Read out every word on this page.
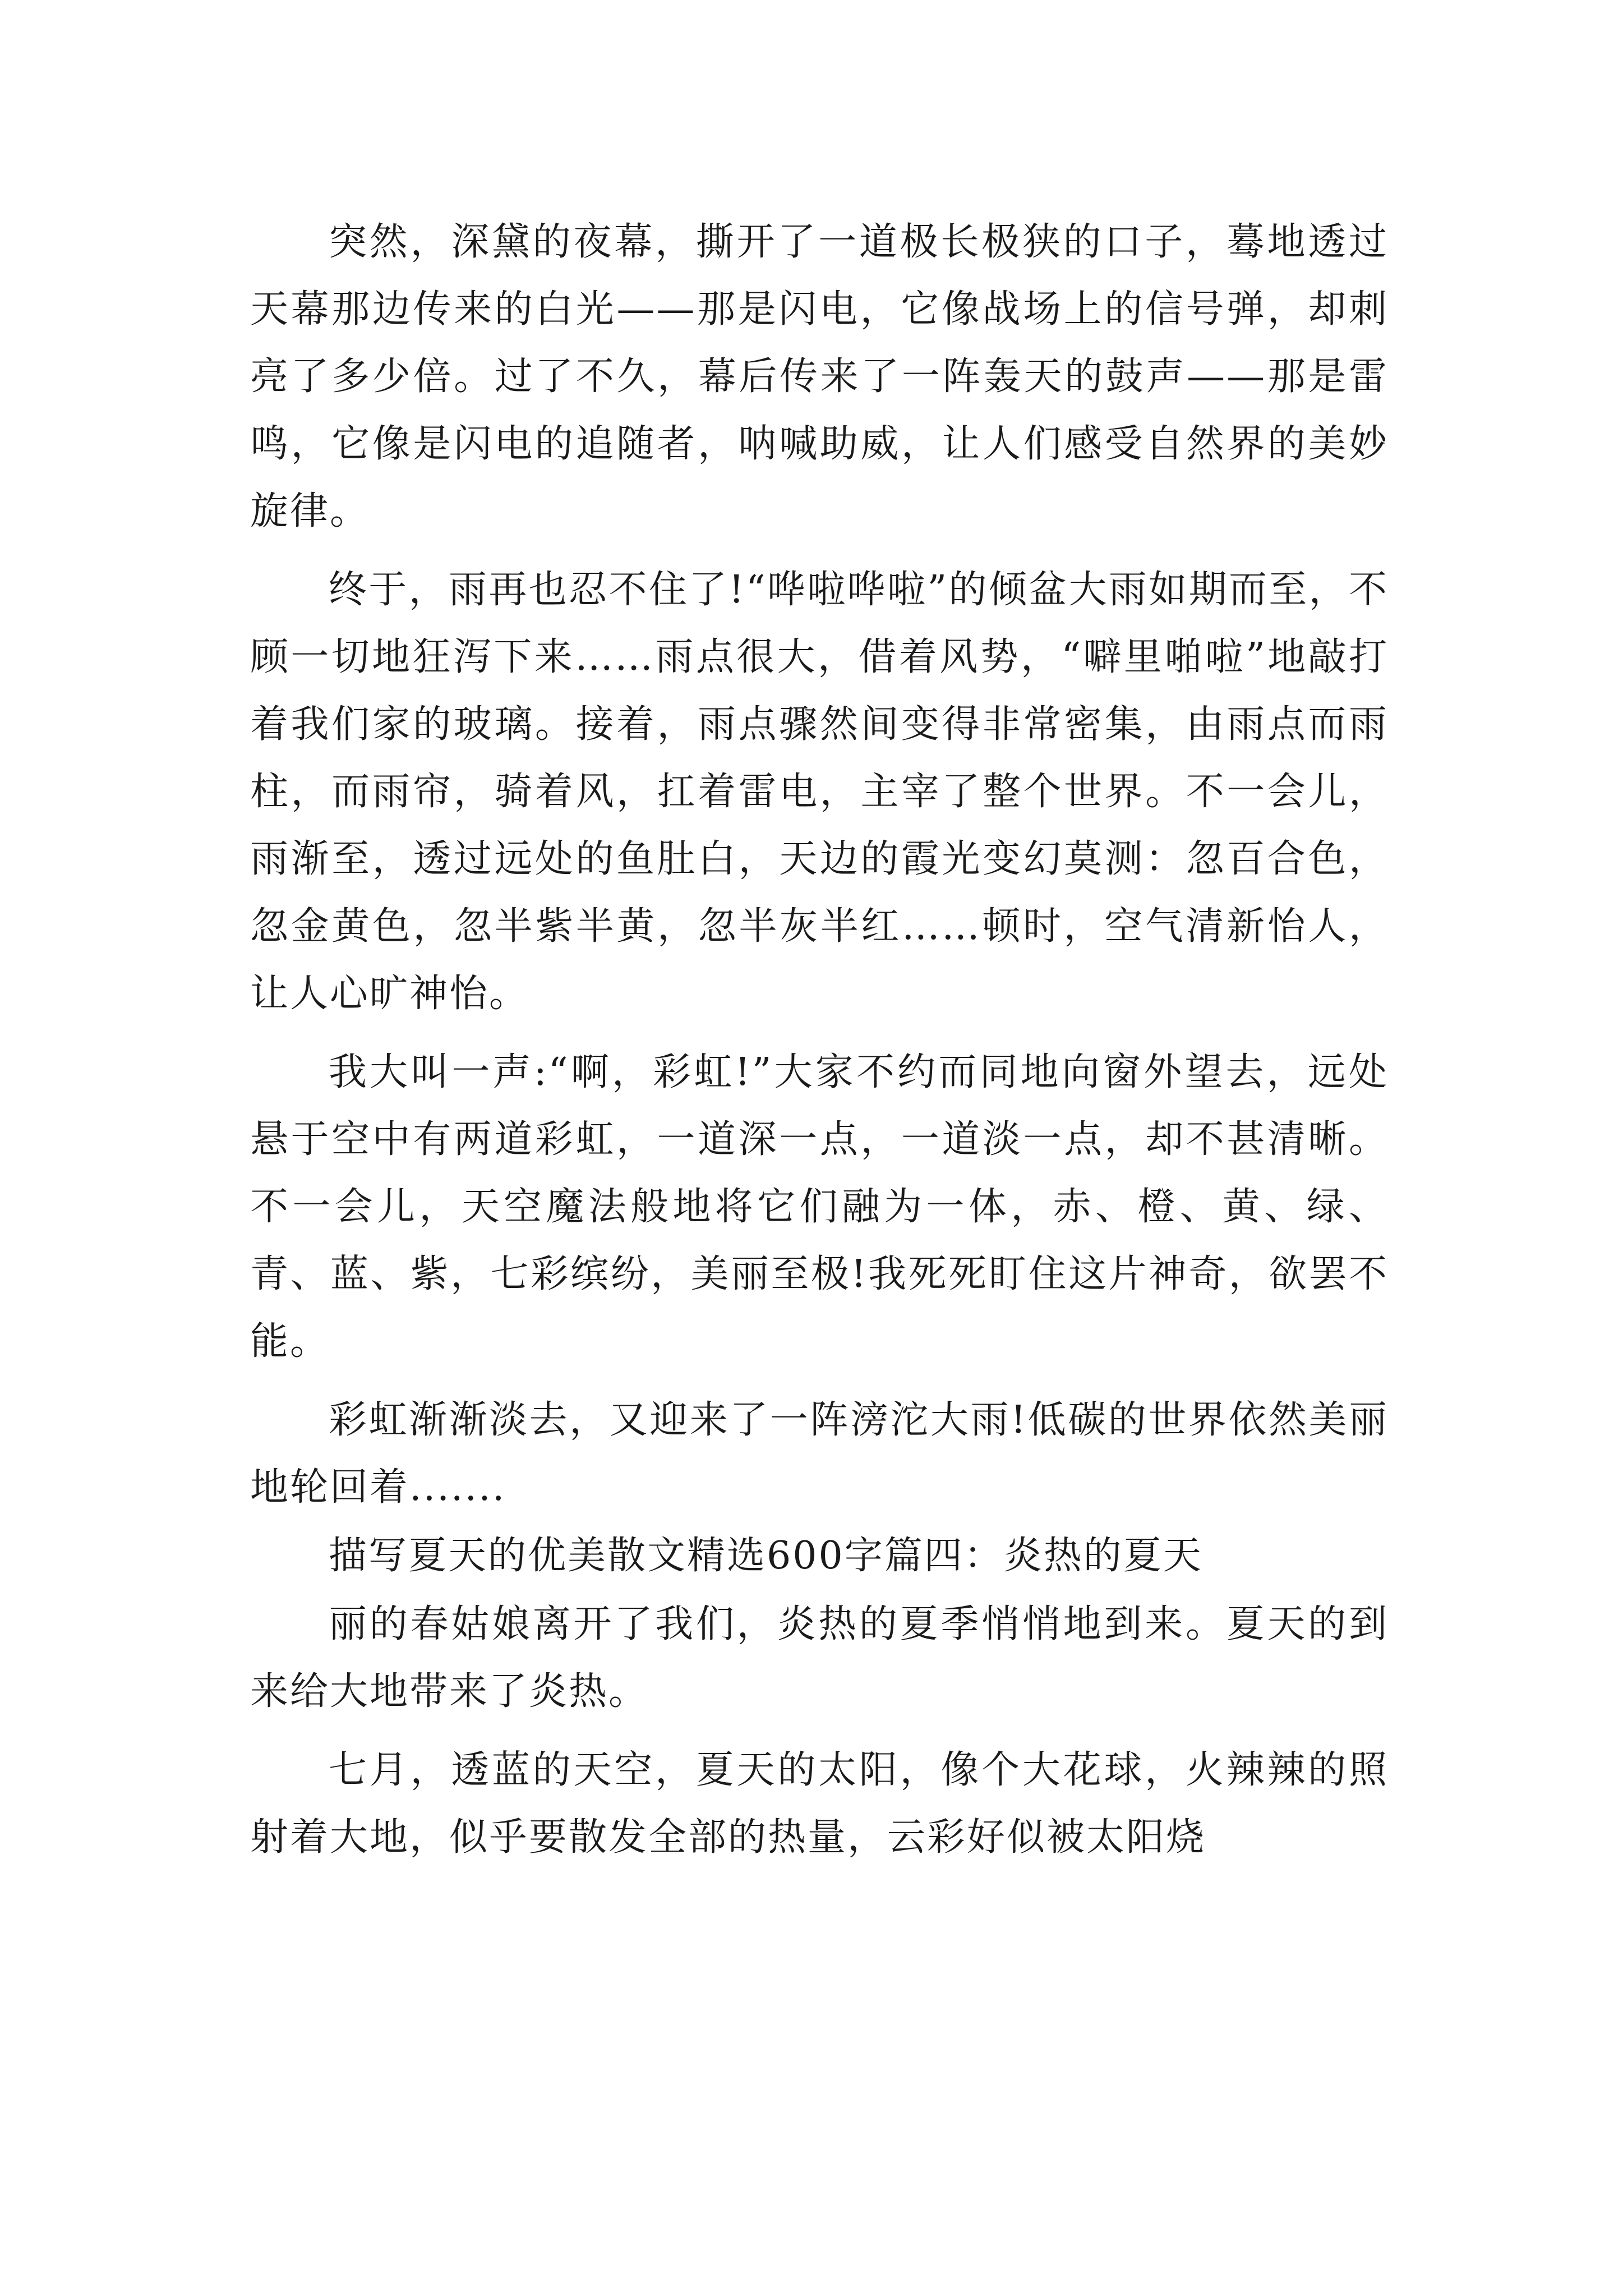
突然，深黛的夜幕，撕开了一道极长极狭的口子，蓦地透过天幕那边传来的白光——那是闪电，它像战场上的信号弹，却刺亮了多少倍。过了不久，幕后传来了一阵轰天的鼓声——那是雷鸣，它像是闪电的追随者，呐喊助威，让人们感受自然界的美妙旋律。

终于，雨再也忍不住了!“哗啦哗啦”的倾盆大雨如期而至，不顾一切地狂泻下来……雨点很大，借着风势，“噼里啪啦”地敲打着我们家的玻璃。接着，雨点骤然间变得非常密集，由雨点而雨柱，而雨帘，骑着风，扛着雷电，主宰了整个世界。不一会儿，雨渐至，透过远处的鱼肚白，天边的霞光变幻莫测：忽百合色，忽金黄色，忽半紫半黄，忽半灰半红……顿时，空气清新怡人，让人心旷神怡。

我大叫一声:“啊，彩虹!”大家不约而同地向窗外望去，远处悬于空中有两道彩虹，一道深一点，一道淡一点，却不甚清晰。不一会儿，天空魔法般地将它们融为一体，赤、橙、黄、绿、青、蓝、紫，七彩缤纷，美丽至极!我死死盯住这片神奇，欲罢不能。

彩虹渐渐淡去，又迎来了一阵滂沱大雨!低碳的世界依然美丽地轮回着.......

描写夏天的优美散文精选600字篇四：炎热的夏天

丽的春姑娘离开了我们，炎热的夏季悄悄地到来。夏天的到来给大地带来了炎热。

七月，透蓝的天空，夏天的太阳，像个大花球，火辣辣的照射着大地，似乎要散发全部的热量，云彩好似被太阳烧
